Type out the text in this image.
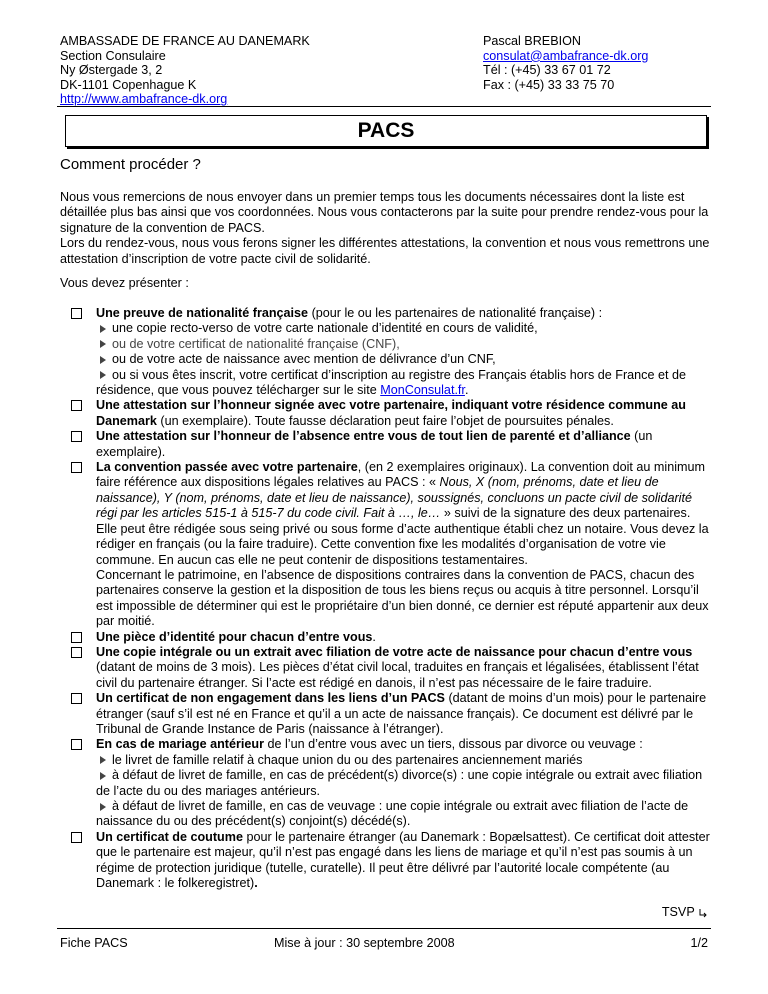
AMBASSADE DE FRANCE AU DANEMARK
Section Consulaire
Ny Østergade 3, 2
DK-1101 Copenhague K
http://www.ambafrance-dk.org
Pascal BREBION
consulat@ambafrance-dk.org
Tél : (+45) 33 67 01 72
Fax : (+45) 33 33 75 70
PACS
Comment procéder ?
Nous vous remercions de nous envoyer dans un premier temps tous les documents nécessaires dont la liste est détaillée plus bas ainsi que vos coordonnées. Nous vous contacterons par la suite pour prendre rendez-vous pour la signature de la convention de PACS.
Lors du rendez-vous, nous vous ferons signer les différentes attestations, la convention et nous vous remettrons une attestation d’inscription de votre pacte civil de solidarité.
Vous devez présenter :
Une preuve de nationalité française (pour le ou les partenaires de nationalité française) :
une copie recto-verso de votre carte nationale d’identité en cours de validité,
ou de votre certificat de nationalité française (CNF),
ou de votre acte de naissance avec mention de délivrance d’un CNF,
ou si vous êtes inscrit, votre certificat d’inscription au registre des Français établis hors de France et de résidence, que vous pouvez télécharger sur le site MonConsulat.fr.
Une attestation sur l’honneur signée avec votre partenaire, indiquant votre résidence commune au Danemark (un exemplaire). Toute fausse déclaration peut faire l’objet de poursuites pénales.
Une attestation sur l’honneur de l’absence entre vous de tout lien de parenté et d’alliance (un exemplaire).
La convention passée avec votre partenaire, (en 2 exemplaires originaux). La convention doit au minimum faire référence aux dispositions légales relatives au PACS : « Nous, X (nom, prénoms, date et lieu de naissance), Y (nom, prénoms, date et lieu de naissance), soussignés, concluons un pacte civil de solidarité régi par les articles 515-1 à 515-7 du code civil. Fait à …, le… » suivi de la signature des deux partenaires.
Elle peut être rédigée sous seing privé ou sous forme d’acte authentique établi chez un notaire. Vous devez la rédiger en français (ou la faire traduire). Cette convention fixe les modalités d’organisation de votre vie commune. En aucun cas elle ne peut contenir de dispositions testamentaires.
Concernant le patrimoine, en l’absence de dispositions contraires dans la convention de PACS, chacun des partenaires conserve la gestion et la disposition de tous les biens reçus ou acquis à titre personnel. Lorsqu’il est impossible de déterminer qui est le propriétaire d’un bien donné, ce dernier est réputé appartenir aux deux par moitié.
Une pièce d’identité pour chacun d’entre vous.
Une copie intégrale ou un extrait avec filiation de votre acte de naissance pour chacun d’entre vous (datant de moins de 3 mois). Les pièces d’état civil local, traduites en français et légalisées, établissent l’état civil du partenaire étranger. Si l’acte est rédigé en danois, il n’est pas nécessaire de le faire traduire.
Un certificat de non engagement dans les liens d’un PACS (datant de moins d’un mois) pour le partenaire étranger (sauf s’il est né en France et qu’il a un acte de naissance français). Ce document est délivré par le Tribunal de Grande Instance de Paris (naissance à l’étranger).
En cas de mariage antérieur de l’un d’entre vous avec un tiers, dissous par divorce ou veuvage :
le livret de famille relatif à chaque union du ou des partenaires anciennement mariés
à défaut de livret de famille, en cas de précédent(s) divorce(s) : une copie intégrale ou extrait avec filiation de l’acte du ou des mariages antérieurs.
à défaut de livret de famille, en cas de veuvage : une copie intégrale ou extrait avec filiation de l’acte de naissance du ou des précédent(s) conjoint(s) décédé(s).
Un certificat de coutume pour le partenaire étranger (au Danemark : Bopælsattest). Ce certificat doit attester que le partenaire est majeur, qu’il n’est pas engagé dans les liens de mariage et qu’il n’est pas soumis à un régime de protection juridique (tutelle, curatelle). Il peut être délivré par l’autorité locale compétente (au Danemark : le folkeregistret).
TSVP
Fiche PACS	Mise à jour : 30 septembre 2008	1/2
